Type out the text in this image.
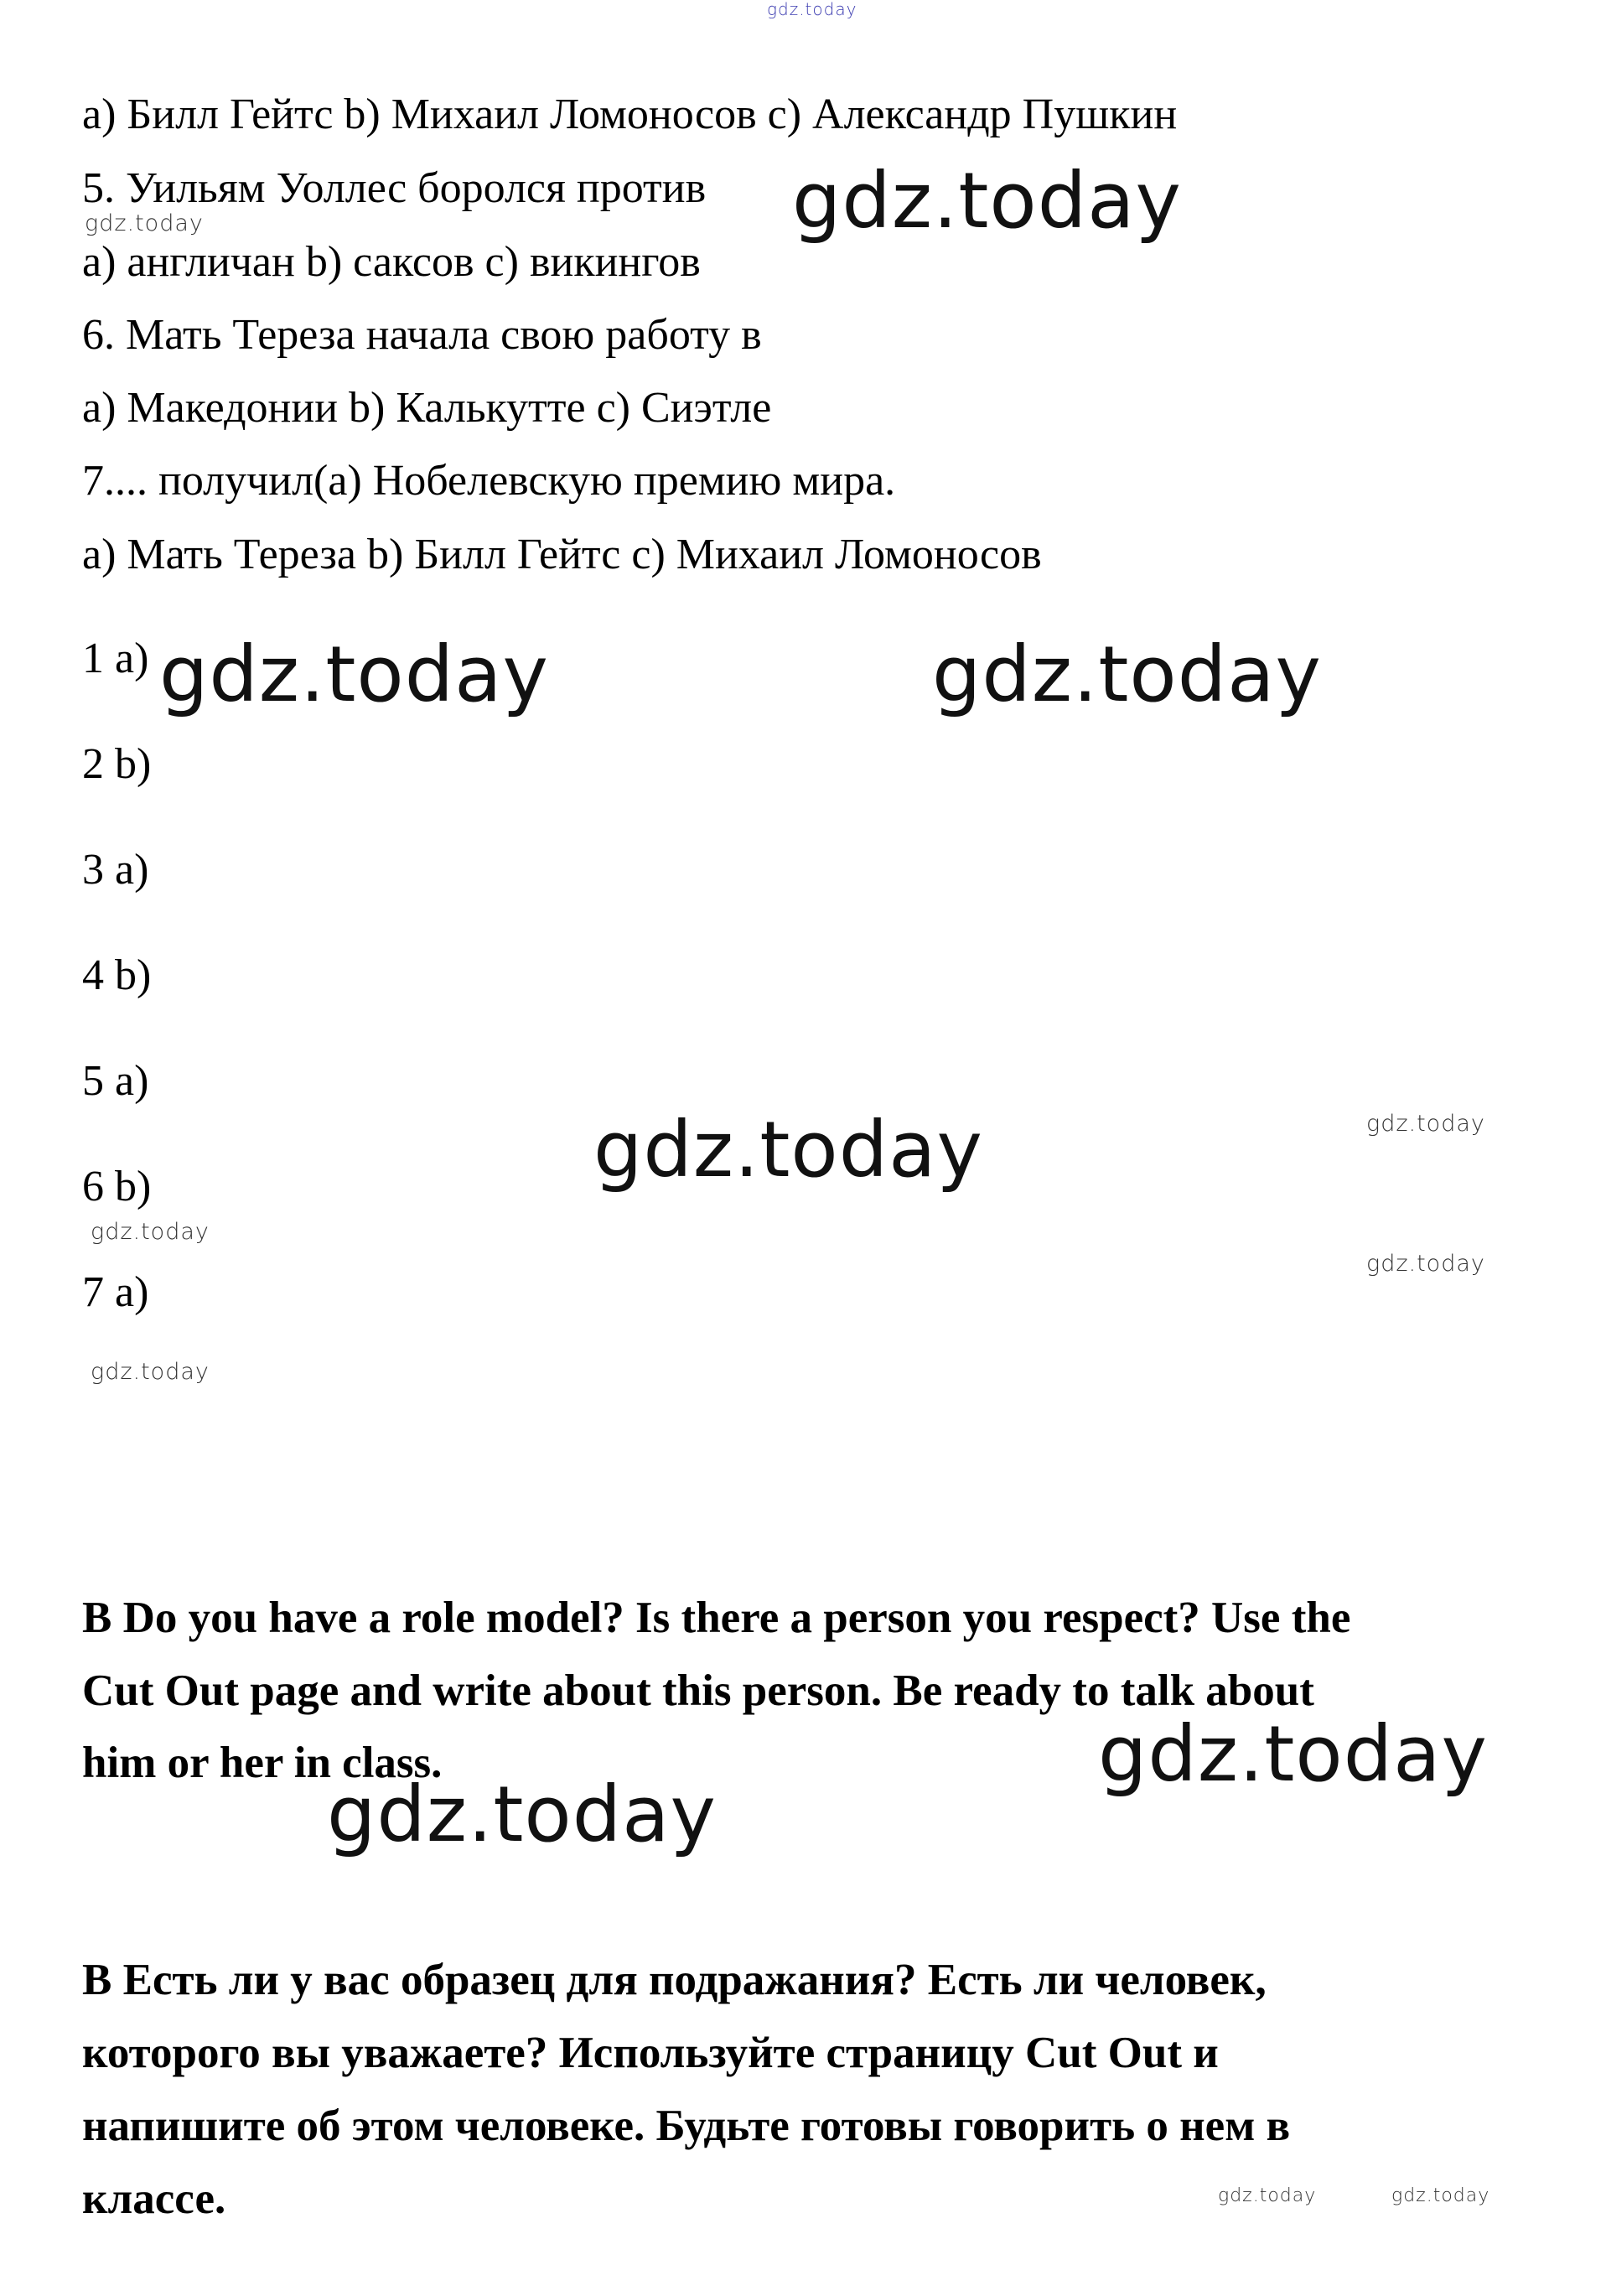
gdz.today
a) Билл Гейтс b) Михаил Ломоносов c) Александр Пушкин
5. Уильям Уоллес боролся против
a) англичан b) саксов c) викингов
6. Мать Тереза начала свою работу в
a) Македонии b) Калькутте c) Сиэтле
7.... получил(а) Нобелевскую премию мира.
a) Мать Тереза b) Билл Гейтс c) Михаил Ломоносов
1 a)
2 b)
3 a)
4 b)
5 a)
6 b)
7 a)
B Do you have a role model? Is there a person you respect? Use the
Cut Out page and write about this person. Be ready to talk about
him or her in class.
В Есть ли у вас образец для подражания? Есть ли человек,
которого вы уважаете? Используйте страницу Cut Out и
напишите об этом человеке. Будьте готовы говорить о нем в
классе.
gdz.today
gdz.today
gdz.today	gdz.today
gdz.today	gdz.today
gdz.today
gdz.today
gdz.today
gdz.today
gdz.today
gdz.today	gdz.today
